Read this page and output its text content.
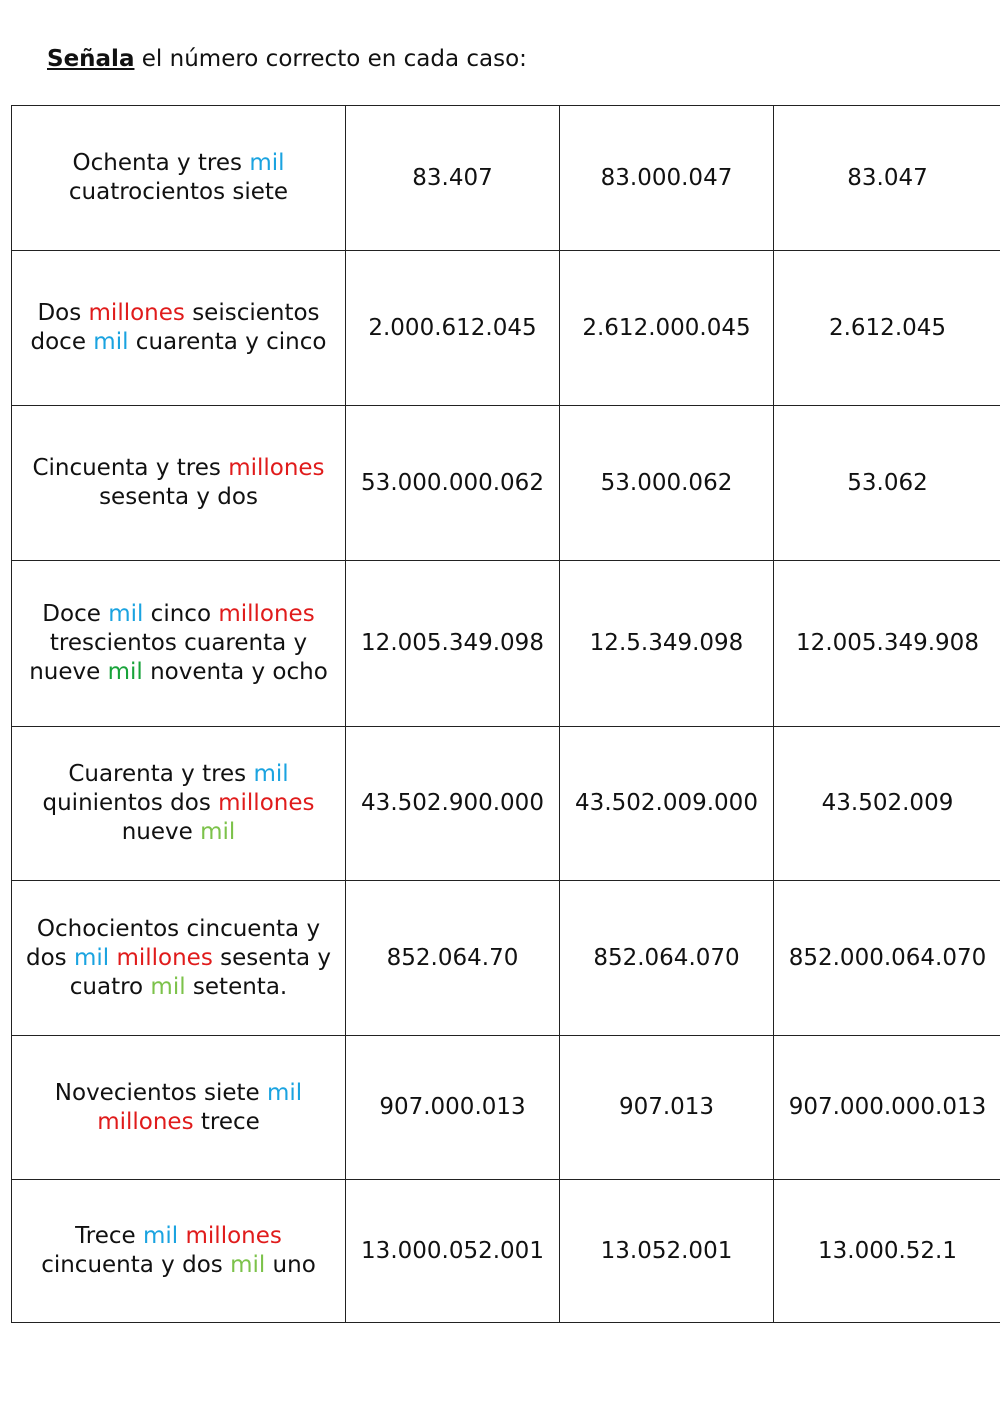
Señala el número correcto en cada caso:
Ochenta y tres mil cuatrocientos siete	83.407	83.000.047	83.047
Dos millones seiscientos doce mil cuarenta y cinco	2.000.612.045	2.612.000.045	2.612.045
Cincuenta y tres millones sesenta y dos	53.000.000.062	53.000.062	53.062
Doce mil cinco millones trescientos cuarenta y nueve mil noventa y ocho	12.005.349.098	12.5.349.098	12.005.349.908
Cuarenta y tres mil quinientos dos millones nueve mil	43.502.900.000	43.502.009.000	43.502.009
Ochocientos cincuenta y dos mil millones sesenta y cuatro mil setenta.	852.064.70	852.064.070	852.000.064.070
Novecientos siete mil millones trece	907.000.013	907.013	907.000.000.013
Trece mil millones cincuenta y dos mil uno	13.000.052.001	13.052.001	13.000.52.1
